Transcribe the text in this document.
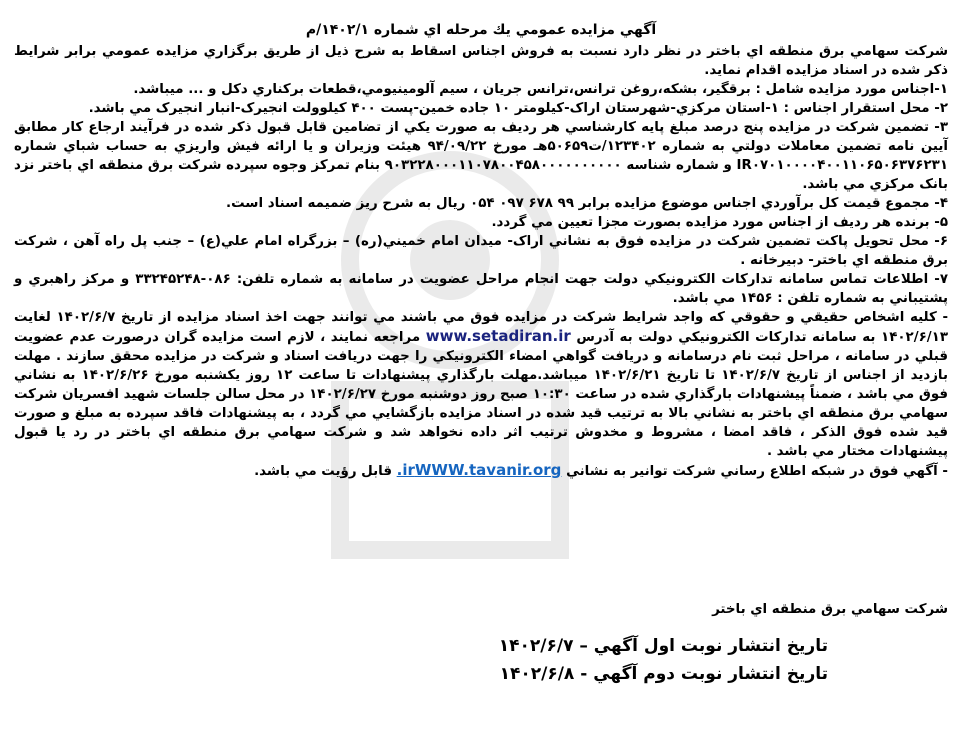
آگهي مزايده عمومي يك مرحله اي شماره ۱۴۰۲/۱/م

شرکت سهامي برق منطقه اي باختر در نظر دارد نسبت به فروش اجناس اسقاط به شرح ذيل از طريق برگزاري مزايده عمومي برابر شرايط ذکر شده در اسناد مزايده اقدام نمايد.

۱-اجناس مورد مزايده شامل : برقگير، بشکه،روغن ترانس،ترانس جريان ، سيم آلومينيومي،قطعات برکناري دکل و ... ميباشد.

۲- محل استقرار اجناس : ۱-استان مرکزي-شهرستان اراک-کيلومتر ۱۰ جاده خمين-پست ۴۰۰ کيلوولت انجيرک-انبار انجيرک مي باشد.

۳- تضمين شرکت در مزايده پنج درصد مبلغ پايه کارشناسي هر رديف به صورت يکي از تضامين قابل قبول ذکر شده در فرآيند ارجاع کار مطابق آيين نامه تضمين معاملات دولتي به شماره ۱۲۳۴۰۲/ت۵۰۶۵۹هـ مورخ ۹۴/۰۹/۲۲ هيئت وزيران و يا ارائه فيش واريزي به حساب شباي شماره IR۰۷۰۱۰۰۰۰۴۰۰۱۱۰۶۵۰۶۳۷۶۲۳۱ و شماره شناسه ۹۰۳۲۲۸۰۰۰۱۱۰۷۸۰۰۴۵۸۰۰۰۰۰۰۰۰۰۰ بنام تمرکز وجوه سپرده شرکت برق منطقه اي باختر نزد بانک مرکزي مي باشد.

۴- مجموع قيمت کل برآوردي اجناس موضوع مزايده برابر ۹۹ ۶۷۸ ۰۹۷ ۰۵۴ ريال به شرح ريز ضميمه اسناد است.

۵- برنده هر رديف از اجناس مورد مزايده بصورت مجزا تعيين مي گردد.

۶- محل تحويل پاکت تضمين شرکت در مزايده فوق به نشاني اراک- ميدان امام خميني(ره) – بزرگراه امام علي(ع) – جنب پل راه آهن ، شرکت برق منطقه اي باختر- دبيرخانه .

۷- اطلاعات تماس سامانه تدارکات الکترونيکي دولت جهت انجام مراحل عضويت در سامانه به شماره تلفن: ۰۸۶-۳۳۲۴۵۲۴۸ و مرکز راهبري و پشتيباني به شماره تلفن : ۱۴۵۶ مي باشد.

- کليه اشخاص حقيقي و حقوقي که واجد شرايط شرکت در مزايده فوق مي باشند مي توانند جهت اخذ اسناد مزايده از تاريخ ۱۴۰۲/۶/۷ لغايت ۱۴۰۲/۶/۱۳ به سامانه تدارکات الکترونيکي دولت به آدرس www.setadiran.ir مراجعه نمايند ، لازم است مزايده گران درصورت عدم عضويت قبلي در سامانه ، مراحل ثبت نام درسامانه و دريافت گواهي امضاء الکترونيکي را جهت دريافت اسناد و شرکت در مزايده محقق سازند . مهلت بازديد از اجناس از تاريخ ۱۴۰۲/۶/۷ تا تاريخ ۱۴۰۲/۶/۲۱ ميباشد.مهلت بارگذاري پيشنهادات تا ساعت ۱۲ روز يکشنبه مورخ ۱۴۰۲/۶/۲۶ به نشاني فوق مي باشد ، ضمناً پيشنهادات بارگذاري شده در ساعت ۱۰:۳۰ صبح روز دوشنبه مورخ ۱۴۰۲/۶/۲۷ در محل سالن جلسات شهيد افسريان شرکت سهامي برق منطقه اي باختر به نشاني بالا به ترتيب قيد شده در اسناد مزايده بازگشايي مي گردد ، به پيشنهادات فاقد سپرده به مبلغ و صورت قيد شده فوق الذکر ، فاقد امضا ، مشروط و مخدوش ترتيب اثر داده نخواهد شد و شرکت سهامي برق منطقه اي باختر در رد يا قبول پيشنهادات مختار مي باشد .

- آگهي فوق در شبکه اطلاع رساني شرکت توانير به نشاني .irWWW.tavanir.org قابل رؤيت مي باشد.

شرکت سهامي برق منطقه اي باختر
تاريخ انتشار نوبت اول آگهي – ۱۴۰۲/۶/۷
تاريخ انتشار نوبت دوم آگهي - ۱۴۰۲/۶/۸
